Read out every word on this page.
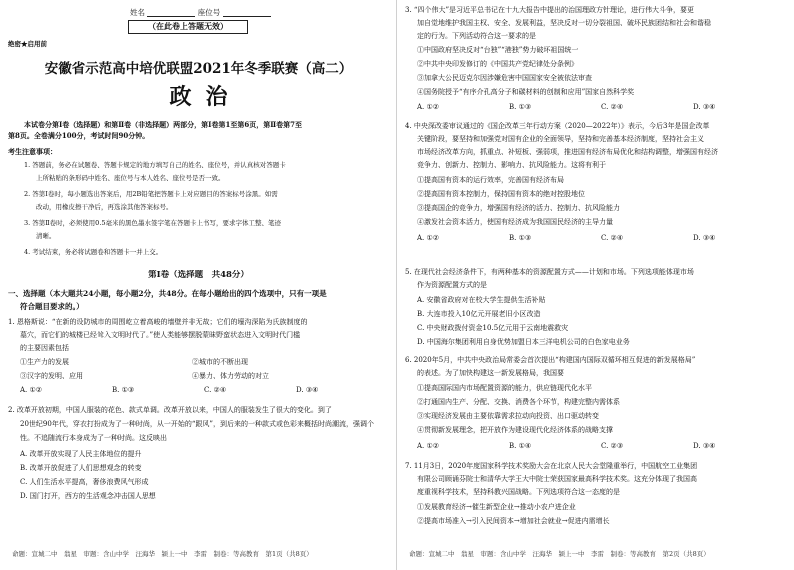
姓名	座位号
（在此卷上答题无效）
绝密★启用前
安徽省示范高中培优联盟2021年冬季联赛（高二）
政治
本试卷分第Ⅰ卷（选择题）和第Ⅱ卷（非选择题）两部分，第Ⅰ卷第1至第6页，第Ⅱ卷第7至
第8页。全卷满分100分，考试时间90分钟。
考生注意事项：
1. 答题前，务必在试题卷、答题卡规定的地方填写自己的姓名、座位号，并认真核对答题卡
上所粘贴的条形码中姓名、座位号与本人姓名、座位号是否一致。
2. 答第Ⅰ卷时，每小题选出答案后，用2B铅笔把答题卡上对应题目的答案标号涂黑。如需
改动，用橡皮擦干净后，再选涂其他答案标号。
3. 答第Ⅱ卷时，必须使用0.5毫米的黑色墨水签字笔在答题卡上书写，要求字体工整、笔迹
清晰。
4. 考试结束，务必将试题卷和答题卡一并上交。
第Ⅰ卷（选择题　共48分）
一、选择题（本大题共24小题，每小题2分，共48分。在每小题给出的四个选项中，只有一项是
符合题目要求的。）
1. 恩格斯说：“在新的设防城市的周围屹立着高峻的墙壁并非无故；它们的壕沟深陷为氏族制度的
墓穴，而它们的城楼已经耸入文明时代了。”使人类能够摆脱蒙昧野蛮状态进入文明时代门槛
的主要因素包括
①生产力的发展	②城市的不断出现
③汉字的发明、应用	④暴力、体力劳动的对立
A. ①②	B. ①③	C. ②④	D. ③④
2. 改革开放初期，中国人服装的花色、款式单调。改革开放以来，中国人的服装发生了很大的变化。到了
20世纪90年代，穿衣打扮成为了一种时尚，从一开始的“跟风”，到后来的一种款式或色彩来概括时尚潮流，强调个
性。不追随流行本身成为了一种时尚。这反映出
A. 改革开放实现了人民主体地位的提升
B. 改革开放促进了人们思想观念的转变
C. 人们生活水平提高，奢侈浪费风气形成
D. 国门打开，西方的生活观念冲击国人思想
命题：宣城二中　翁星　审题：含山中学　汪海华　颍上一中　李雷　制卷：等高教育　第1页（共8页）
3. “四个伟大”是习近平总书记在十九大报告中提出的治国理政方针理论，进行伟大斗争，要更
加自觉地维护我国主权、安全、发展利益，坚决反对一切分裂祖国、破坏民族团结和社会和谐稳
定的行为。下列活动符合这一要求的是
①中国政府坚决反对“台独”“港独”势力破坏祖国统一
②中共中央印发修订的《中国共产党纪律处分条例》
③加拿大公民迈克尔因涉嫌危害中国国家安全被依法审查
④国务院授予“有序介孔高分子和碳材料的创制和应用”国家自然科学奖
A. ①②	B. ①③	C. ②④	D. ③④
4. 中央深改委审议通过的《国企改革三年行动方案（2020—2022年）》表示，今后3年是国企改革
关键阶段，要坚持和加强党对国有企业的全面领导，坚持和完善基本经济制度，坚持社会主义
市场经济改革方向，抓重点、补短板、强弱项，推进国有经济布局优化和结构调整，增强国有经济
竞争力、创新力、控制力、影响力、抗风险能力。这将有利于
①提高国有资本的运行效率，完善国有经济布局
②提高国有资本控制力，保持国有资本的绝对控股地位
③提高国企的竞争力，增强国有经济的活力、控制力、抗风险能力
④激发社会资本活力，使国有经济成为我国国民经济的主导力量
A. ①②	B. ①③	C. ②④	D. ③④
5. 在现代社会经济条件下，有两种基本的资源配置方式——计划和市场。下列选项能体现市场
作为资源配置方式的是
A. 安徽省政府对在校大学生提供生活补贴
B. 大连市投入10亿元开展老旧小区改造
C. 中央财政拨付资金10.5亿元用于云南地震救灾
D. 中国海尔集团利用自身优势加盟日本三洋电机公司的白色家电业务
6. 2020年5月，中共中央政治局常委会首次提出“构建国内国际双循环相互促进的新发展格局”
的表述。为了加快构建这一新发展格局，我国要
①提高国际国内市场配置资源的能力，供应链现代化水平
②打通国内生产、分配、交换、消费各个环节，构建完整内需体系
③实现经济发展由主要依靠需求拉动向投资、出口驱动转变
④贯彻新发展理念，把开放作为建设现代化经济体系的战略支撑
A. ①②	B. ①④	C. ②③	D. ③④
7. 11月3日，2020年度国家科学技术奖励大会在北京人民大会堂隆重举行，中国航空工业集团
有限公司顾诵芬院士和清华大学王大中院士荣获国家最高科学技术奖。这充分体现了我国高
度重视科学技术，坚持科教兴国战略。下列选项符合这一态度的是
①发展教育经济→催生新型企业→推动小农户进企业
②提高市场准入→引入民间资本→增加社会就业→促进内需增长
命题：宣城二中　翁星　审题：含山中学　汪海华　颍上一中　李雷　制卷：等高教育　第2页（共8页）
